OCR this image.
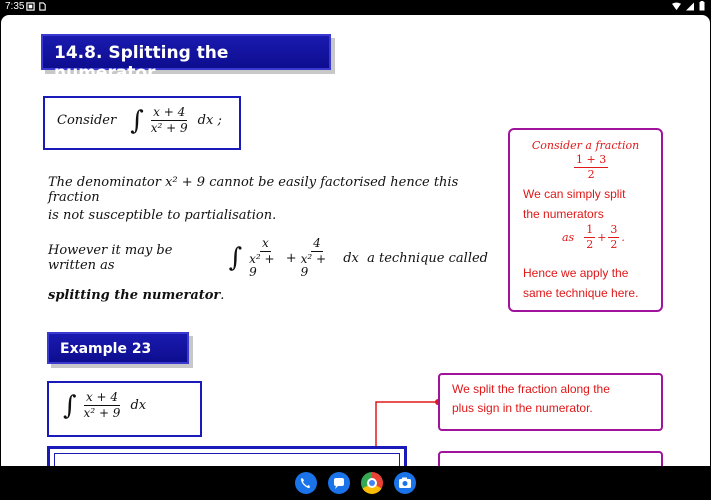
7:35
14.8. Splitting the numerator
Consider ∫ $\frac{x + 4}{\text{x² + 9}}$ dx ;
The denominator x² + 9 cannot be easily factorised hence this fraction
is not susceptible to partialisation.
However it may be written as	∫ $\frac{x}{\text{x² + 9}} + \frac{4}{\text{x² + 9}}$ dx  a technique called
splitting the numerator.
Consider a fraction
$\frac{1 + 3}{2}$
We can simply split
the numerators
as $\frac{1}{2} + \frac{3}{2}$ .
Hence we apply the
same technique here.
Example 23
∫ $\frac{x + 4}{\text{x² + 9}}$ dx
We split the fraction along the
plus sign in the numerator.
